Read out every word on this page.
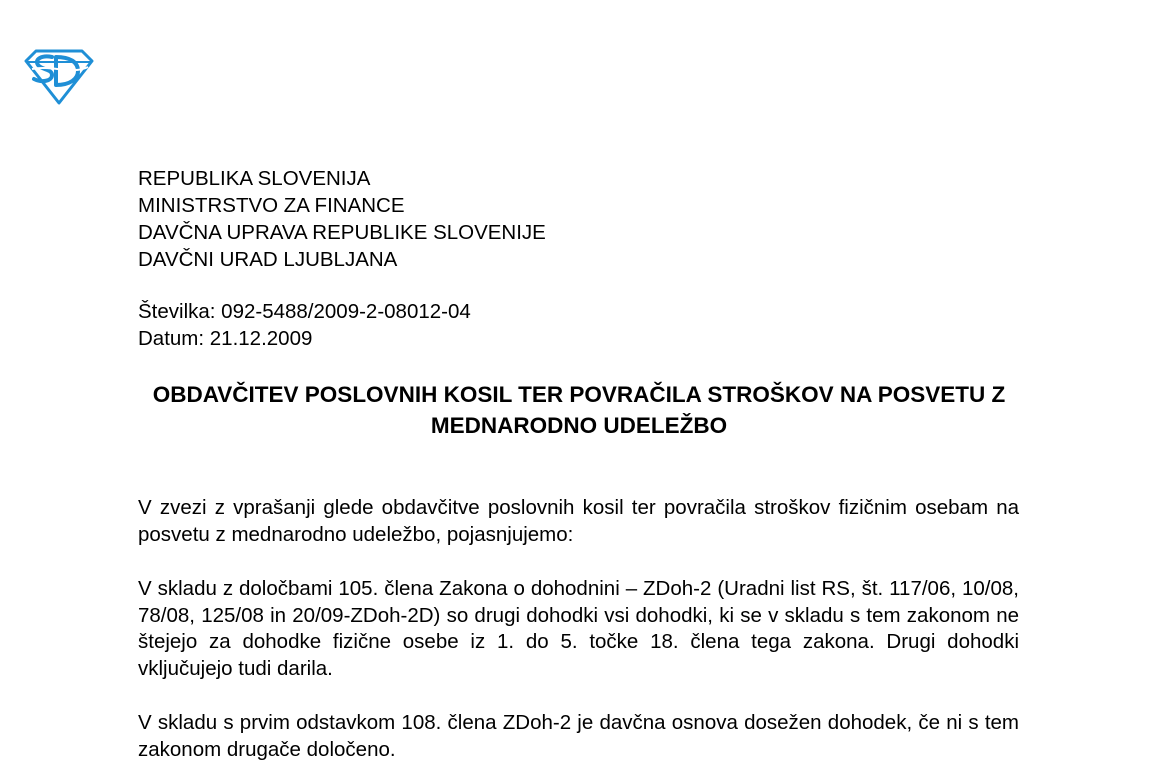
REPUBLIKA SLOVENIJA
MINISTRSTVO ZA FINANCE
DAVČNA UPRAVA REPUBLIKE SLOVENIJE
DAVČNI URAD LJUBLJANA
Številka: 092-5488/2009-2-08012-04
Datum: 21.12.2009
OBDAVČITEV POSLOVNIH KOSIL TER POVRAČILA STROŠKOV NA POSVETU Z MEDNARODNO UDELEŽBO

V zvezi z vprašanji glede obdavčitve poslovnih kosil ter povračila stroškov fizičnim osebam na posvetu z mednarodno udeležbo, pojasnjujemo:

V skladu z določbami 105. člena Zakona o dohodnini – ZDoh-2 (Uradni list RS, št. 117/06, 10/08, 78/08, 125/08 in 20/09-ZDoh-2D) so drugi dohodki vsi dohodki, ki se v skladu s tem zakonom ne štejejo za dohodke fizične osebe iz 1. do 5. točke 18. člena tega zakona. Drugi dohodki vključujejo tudi darila.

V skladu s prvim odstavkom 108. člena ZDoh-2 je davčna osnova dosežen dohodek, če ni s tem zakonom drugače določeno.
